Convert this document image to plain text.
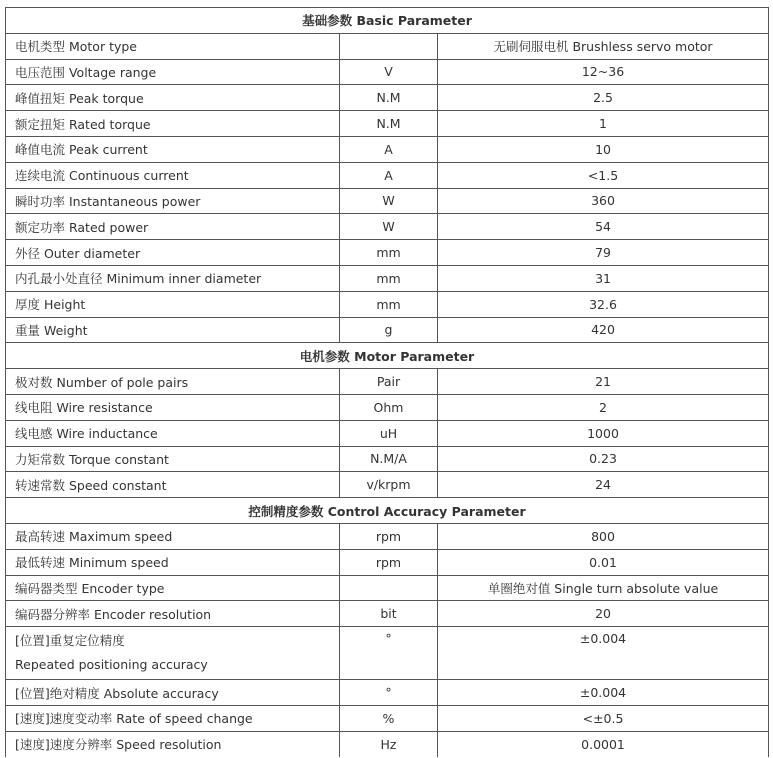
基础参数 Basic Parameter		
电机类型 Motor type		无刷伺服电机 Brushless servo motor
电压范围 Voltage range	V	12~36
峰值扭矩 Peak torque	N.M	2.5
额定扭矩 Rated torque	N.M	1
峰值电流 Peak current	A	10
连续电流 Continuous current	A	<1.5
瞬时功率 Instantaneous power	W	360
额定功率 Rated power	W	54
外径 Outer diameter	mm	79
内孔最小处直径 Minimum inner diameter	mm	31
厚度 Height	mm	32.6
重量 Weight	g	420
电机参数 Motor Parameter		
极对数 Number of pole pairs	Pair	21
线电阻 Wire resistance	Ohm	2
线电感 Wire inductance	uH	1000
力矩常数 Torque constant	N.M/A	0.23
转速常数 Speed constant	v/krpm	24
控制精度参数 Control Accuracy Parameter		
最高转速 Maximum speed	rpm	800
最低转速 Minimum speed	rpm	0.01
编码器类型 Encoder type		单圈绝对值 Single turn absolute value
编码器分辨率 Encoder resolution	bit	20

[位置]重复定位精度
Repeated positioning accuracy	°	±0.004
[位置]绝对精度 Absolute accuracy	°	±0.004
[速度]速度变动率 Rate of speed change	%	<±0.5
[速度]速度分辨率 Speed resolution	Hz	0.0001
